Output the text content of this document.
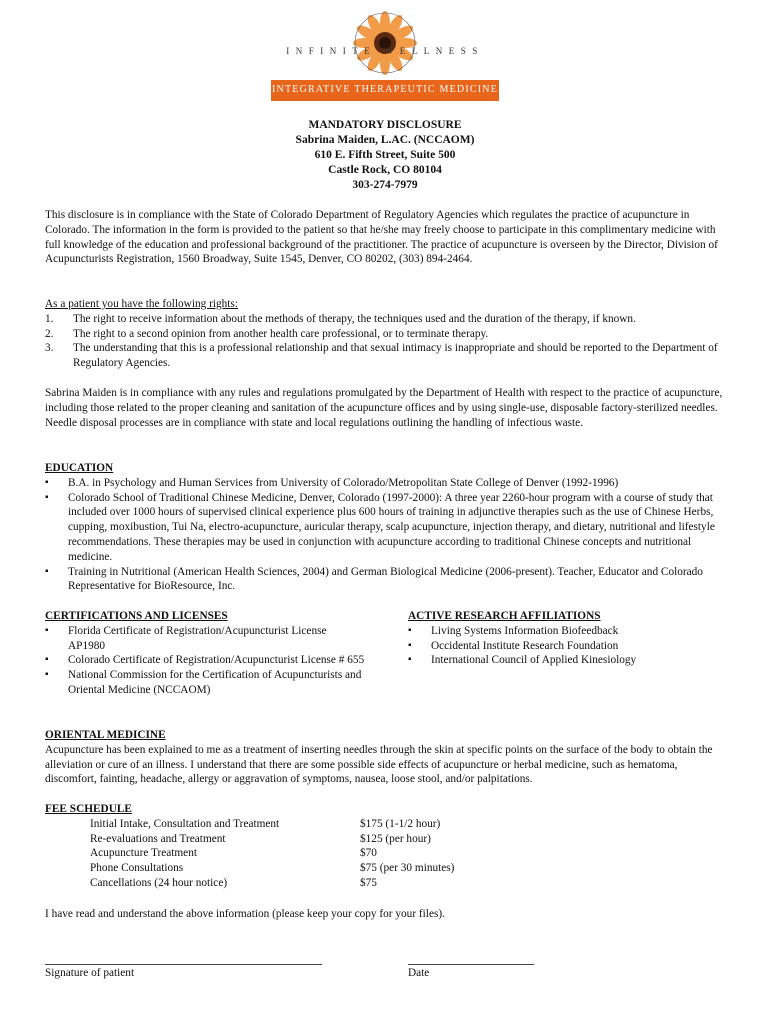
INFINITE WELLNESS
INTEGRATIVE THERAPEUTIC MEDICINE
MANDATORY DISCLOSURE
Sabrina Maiden, L.AC. (NCCAOM)
610 E. Fifth Street, Suite 500
Castle Rock, CO 80104
303-274-7979

This disclosure is in compliance with the State of Colorado Department of Regulatory Agencies which regulates the practice of acupuncture in Colorado. The information in the form is provided to the patient so that he/she may freely choose to participate in this complimentary medicine with full knowledge of the education and professional background of the practitioner. The practice of acupuncture is overseen by the Director, Division of Acupuncturists Registration, 1560 Broadway, Suite 1545, Denver, CO 80202, (303) 894-2464.

As a patient you have the following rights:

1. The right to receive information about the methods of therapy, the techniques used and the duration of the therapy, if known.
2. The right to a second opinion from another health care professional, or to terminate therapy.
3. The understanding that this is a professional relationship and that sexual intimacy is inappropriate and should be reported to the Department of Regulatory Agencies.

Sabrina Maiden is in compliance with any rules and regulations promulgated by the Department of Health with respect to the practice of acupuncture, including those related to the proper cleaning and sanitation of the acupuncture offices and by using single-use, disposable factory-sterilized needles. Needle disposal processes are in compliance with state and local regulations outlining the handling of infectious waste.

EDUCATION

▪ B.A. in Psychology and Human Services from University of Colorado/Metropolitan State College of Denver (1992-1996)
▪ Colorado School of Traditional Chinese Medicine, Denver, Colorado (1997-2000): A three year 2260-hour program with a course of study that included over 1000 hours of supervised clinical experience plus 600 hours of training in adjunctive therapies such as the use of Chinese Herbs, cupping, moxibustion, Tui Na, electro-acupuncture, auricular therapy, scalp acupuncture, injection therapy, and dietary, nutritional and lifestyle recommendations. These therapies may be used in conjunction with acupuncture according to traditional Chinese concepts and nutritional medicine.
▪ Training in Nutritional (American Health Sciences, 2004) and German Biological Medicine (2006-present). Teacher, Educator and Colorado Representative for BioResource, Inc.

CERTIFICATIONS AND LICENSES

▪ Florida Certificate of Registration/Acupuncturist License AP1980
▪ Colorado Certificate of Registration/Acupuncturist License # 655
▪ National Commission for the Certification of Acupuncturists and Oriental Medicine (NCCAOM)

ACTIVE RESEARCH AFFILIATIONS

▪ Living Systems Information Biofeedback
▪ Occidental Institute Research Foundation
▪ International Council of Applied Kinesiology

ORIENTAL MEDICINE

Acupuncture has been explained to me as a treatment of inserting needles through the skin at specific points on the surface of the body to obtain the alleviation or cure of an illness. I understand that there are some possible side effects of acupuncture or herbal medicine, such as hematoma, discomfort, fainting, headache, allergy or aggravation of symptoms, nausea, loose stool, and/or palpitations.

FEE SCHEDULE

Initial Intake, Consultation and Treatment	$175 (1-1/2 hour)
Re-evaluations and Treatment	$125 (per hour)
Acupuncture Treatment	$70
Phone Consultations	$75 (per 30 minutes)
Cancellations (24 hour notice)	$75

I have read and understand the above information (please keep your copy for your files).

Signature of patient	Date
